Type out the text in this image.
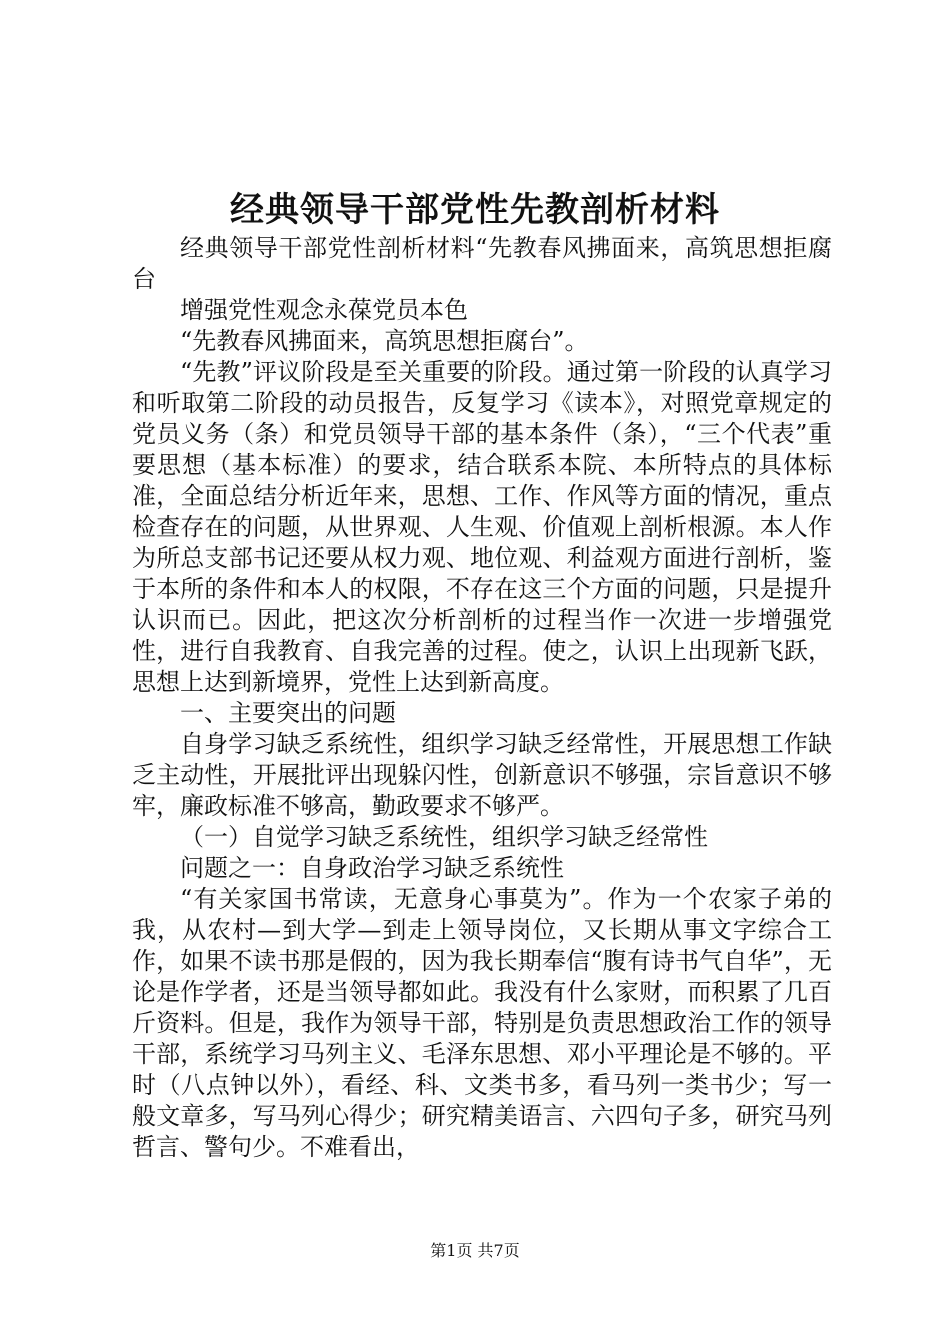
经典领导干部党性先教剖析材料

经典领导干部党性剖析材料“先教春风拂面来，高筑思想拒腐台

增强党性观念永葆党员本色

“先教春风拂面来，高筑思想拒腐台”。

“先教”评议阶段是至关重要的阶段。通过第一阶段的认真学习和听取第二阶段的动员报告，反复学习《读本》，对照党章规定的党员义务（条）和党员领导干部的基本条件（条），“三个代表”重要思想（基本标准）的要求，结合联系本院、本所特点的具体标准，全面总结分析近年来，思想、工作、作风等方面的情况，重点检查存在的问题，从世界观、人生观、价值观上剖析根源。本人作为所总支部书记还要从权力观、地位观、利益观方面进行剖析，鉴于本所的条件和本人的权限，不存在这三个方面的问题，只是提升认识而已。因此，把这次分析剖析的过程当作一次进一步增强党性，进行自我教育、自我完善的过程。使之，认识上出现新飞跃，思想上达到新境界，党性上达到新高度。

一、主要突出的问题

自身学习缺乏系统性，组织学习缺乏经常性，开展思想工作缺乏主动性，开展批评出现躲闪性，创新意识不够强，宗旨意识不够牢，廉政标准不够高，勤政要求不够严。

（一）自觉学习缺乏系统性，组织学习缺乏经常性

问题之一：自身政治学习缺乏系统性

“有关家国书常读，无意身心事莫为”。作为一个农家子弟的我，从农村—到大学—到走上领导岗位，又长期从事文字综合工作，如果不读书那是假的，因为我长期奉信“腹有诗书气自华”，无论是作学者，还是当领导都如此。我没有什么家财，而积累了几百斤资料。但是，我作为领导干部，特别是负责思想政治工作的领导干部，系统学习马列主义、毛泽东思想、邓小平理论是不够的。平时（八点钟以外），看经、科、文类书多，看马列一类书少；写一般文章多，写马列心得少；研究精美语言、六四句子多，研究马列哲言、警句少。不难看出，

第1页 共7页
